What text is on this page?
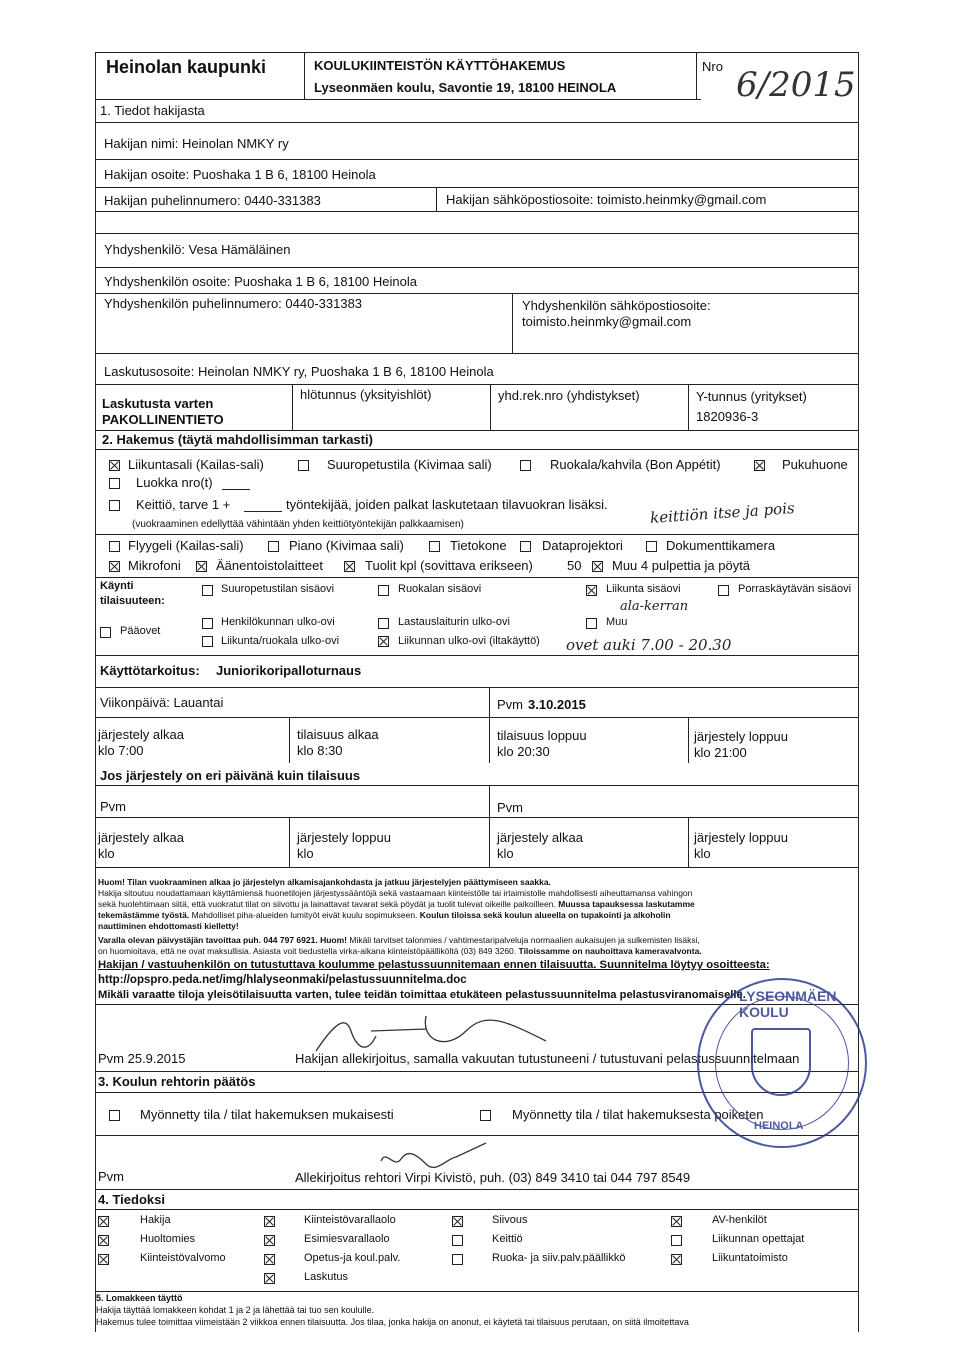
Heinolan kaupunki	KOULUKIINTEISTÖN KÄYTTÖHAKEMUS
Lyseonmäen koulu, Savontie 19, 18100 HEINOLA
Nro 6/2015
1. Tiedot hakijasta
Hakijan nimi: Heinolan NMKY ry
Hakijan osoite: Puoshaka 1 B 6, 18100 Heinola
Hakijan puhelinnumero: 0440-331383	Hakijan sähköpostiosoite: toimisto.heinmky@gmail.com
Yhdyshenkilö: Vesa Hämäläinen
Yhdyshenkilön osoite: Puoshaka 1 B 6, 18100 Heinola
Yhdyshenkilön puhelinnumero: 0440-331383	Yhdyshenkilön sähköpostiosoite:
toimisto.heinmky@gmail.com
Laskutusosoite: Heinolan NMKY ry, Puoshaka 1 B 6, 18100 Heinola
Laskutusta varten
PAKOLLINENTIETO
hlötunnus (yksityishlöt)	yhd.rek.nro (yhdistykset)	Y-tunnus (yritykset)
1820936-3
2. Hakemus (täytä mahdollisimman tarkasti)
Liikuntasali (Kailas-sali)	Suuropetustila (Kivimaa sali)	Ruokala/kahvila (Bon Appétit)	Pukuhuone
Luokka nro(t)
Keittiö, tarve 1 +	työntekijää, joiden palkat laskutetaan tilavuokran lisäksi.
(vuokraaminen edellyttää vähintään yhden keittiötyöntekijän palkkaamisen)	keittiön itse ja pois
Flyygeli (Kailas-sali)	Piano (Kivimaa sali)	Tietokone	Dataprojektori	Dokumenttikamera
Mikrofoni	Äänentoistolaitteet	Tuolit kpl (sovittava erikseen)	50 Muu 4 pulpettia ja pöytä
Käynti tilaisuuteen:
Suuropetustilan sisäovi	Ruokalan sisäovi	Liikunta sisäovi
ala-kerran
Porraskäytävän sisäovi
Pääovet
Henkilökunnan ulko-ovi
Liikunta/ruokala ulko-ovi
Lastauslaiturin ulko-ovi
Liikunnan ulko-ovi (iltakäyttö)
Muu
ovet auki 7.00 - 20.30
Käyttötarkoitus: Juniorikoripalloturnaus
Viikonpäivä: Lauantai	Pvm 3.10.2015
järjestely alkaa
klo 7:00
tilaisuus alkaa
klo 8:30
tilaisuus loppuu
klo 20:30
järjestely loppuu
klo 21:00
Jos järjestely on eri päivänä kuin tilaisuus
Pvm	Pvm
järjestely alkaa
klo
järjestely loppuu
klo
järjestely alkaa
klo
järjestely loppuu
klo
Huom! Tilan vuokraaminen alkaa jo järjestelyn alkamisajankohdasta ja jatkuu järjestelyjen päättymiseen saakka.
Hakija sitoutuu noudattamaan käyttämiensä huonetilojen järjestyssääntöjä sekä vastaamaan kiinteistölle tai irtaimistolle mahdollisesti aiheuttamansa vahingon
sekä huolehtimaan siitä, että vuokratut tilat on siivottu ja lainattavat tavarat sekä pöydät ja tuolit tulevat oikeille paikoilleen. Muussa tapauksessa laskutamme
tekemästämme työstä. Mahdolliset piha-alueiden lumityöt eivät kuulu sopimukseen. Koulun tiloissa sekä koulun alueella on tupakointi ja alkoholin
nauttiminen ehdottomasti kielletty!
Varalla olevan päivystäjän tavoittaa puh. 044 797 6921. Huom! Mikäli tarvitset talonmies / vahtimestaripalveluja normaalien aukaisujen ja sulkemisten lisäksi,
on huomioitava, että ne ovat maksullisia. Asiasta voit tiedustella virka-aikana kiinteistöpäälliköltä (03) 849 3260. Tiloissamme on nauhoittava kameravalvonta.
Hakijan / vastuuhenkilön on tutustuttava koulumme pelastussuunnitemaan ennen tilaisuutta. Suunnitelma löytyy osoitteesta:
http://opspro.peda.net/img/hlalyseonmaki/pelastussuunnitelma.doc
Mikäli varaatte tiloja yleisötilaisuutta varten, tulee teidän toimittaa etukäteen pelastussuunnitelma pelastusviranomaiselle.
Pvm 25.9.2015	Hakijan allekirjoitus, samalla vakuutan tutustuneeni / tutustuvani pelastussuunnitelmaan
3. Koulun rehtorin päätös
Myönnetty tila / tilat hakemuksen mukaisesti	Myönnetty tila / tilat hakemuksesta poiketen
Pvm	Allekirjoitus rehtori Virpi Kivistö, puh. (03) 849 3410 tai 044 797 8549
4. Tiedoksi
Hakija
Huoltomies
Kiinteistövalvomo
Kiinteistövarallaolo
Esimiesvarallaolo
Opetus-ja koul.palv.
Laskutus
Siivous
Keittiö
Ruoka- ja siiv.palv.päällikkö
AV-henkilöt
Liikunnan opettajat
Liikuntatoimisto
5. Lomakkeen täyttö
Hakija täyttää lomakkeen kohdat 1 ja 2 ja lähettää tai tuo sen koululle.
Hakemus tulee toimittaa viimeistään 2 viikkoa ennen tilaisuutta. Jos tilaa, jonka hakija on anonut, ei käytetä tai tilaisuus perutaan, on siitä ilmoitettava
LYSEONMÄEN KOULU
HEINOLA
